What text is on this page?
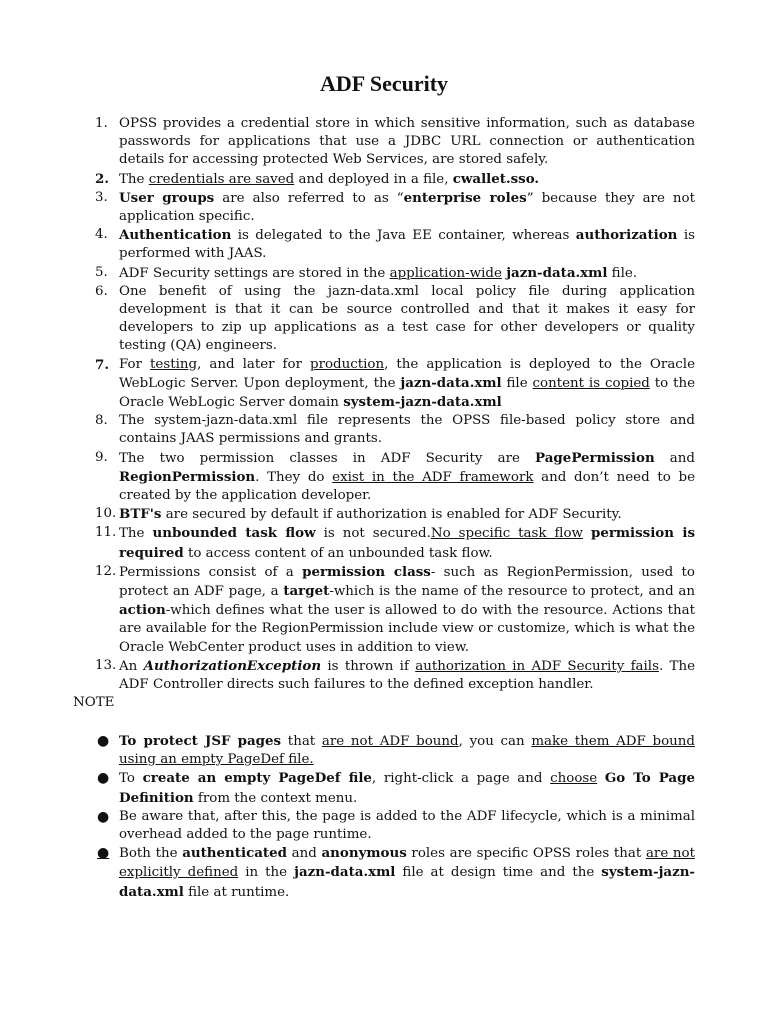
ADF Security
1. OPSS provides a credential store in which sensitive information, such as database passwords for applications that use a JDBC URL connection or authentication details for accessing protected Web Services, are stored safely.
2. The credentials are saved and deployed in a file, cwallet.sso.
3. User groups are also referred to as “enterprise roles” because they are not application specific.
4. Authentication is delegated to the Java EE container, whereas authorization is performed with JAAS.
5. ADF Security settings are stored in the application-wide jazn-data.xml file.
6. One benefit of using the jazn-data.xml local policy file during application development is that it can be source controlled and that it makes it easy for developers to zip up applications as a test case for other developers or quality testing (QA) engineers.
7. For testing, and later for production, the application is deployed to the Oracle WebLogic Server. Upon deployment, the jazn-data.xml file content is copied to the Oracle WebLogic Server domain system-jazn-data.xml
8. The system-jazn-data.xml file represents the OPSS file-based policy store and contains JAAS permissions and grants.
9. The two permission classes in ADF Security are PagePermission and RegionPermission. They do exist in the ADF framework and don’t need to be created by the application developer.
10. BTF's are secured by default if authorization is enabled for ADF Security.
11. The unbounded task flow is not secured.No specific task flow permission is required to access content of an unbounded task flow.
12. Permissions consist of a permission class- such as RegionPermission, used to protect an ADF page, a target-which is the name of the resource to protect, and an action-which defines what the user is allowed to do with the resource. Actions that are available for the RegionPermission include view or customize, which is what the Oracle WebCenter product uses in addition to view.
13. An AuthorizationException is thrown if authorization in ADF Security fails. The ADF Controller directs such failures to the defined exception handler.
NOTE
● To protect JSF pages that are not ADF bound, you can make them ADF bound using an empty PageDef file.
● To create an empty PageDef file, right-click a page and choose Go To Page Definition from the context menu.
● Be aware that, after this, the page is added to the ADF lifecycle, which is a minimal overhead added to the page runtime.
● Both the authenticated and anonymous roles are specific OPSS roles that are not explicitly defined in the jazn-data.xml file at design time and the system-jazn-data.xml file at runtime.
